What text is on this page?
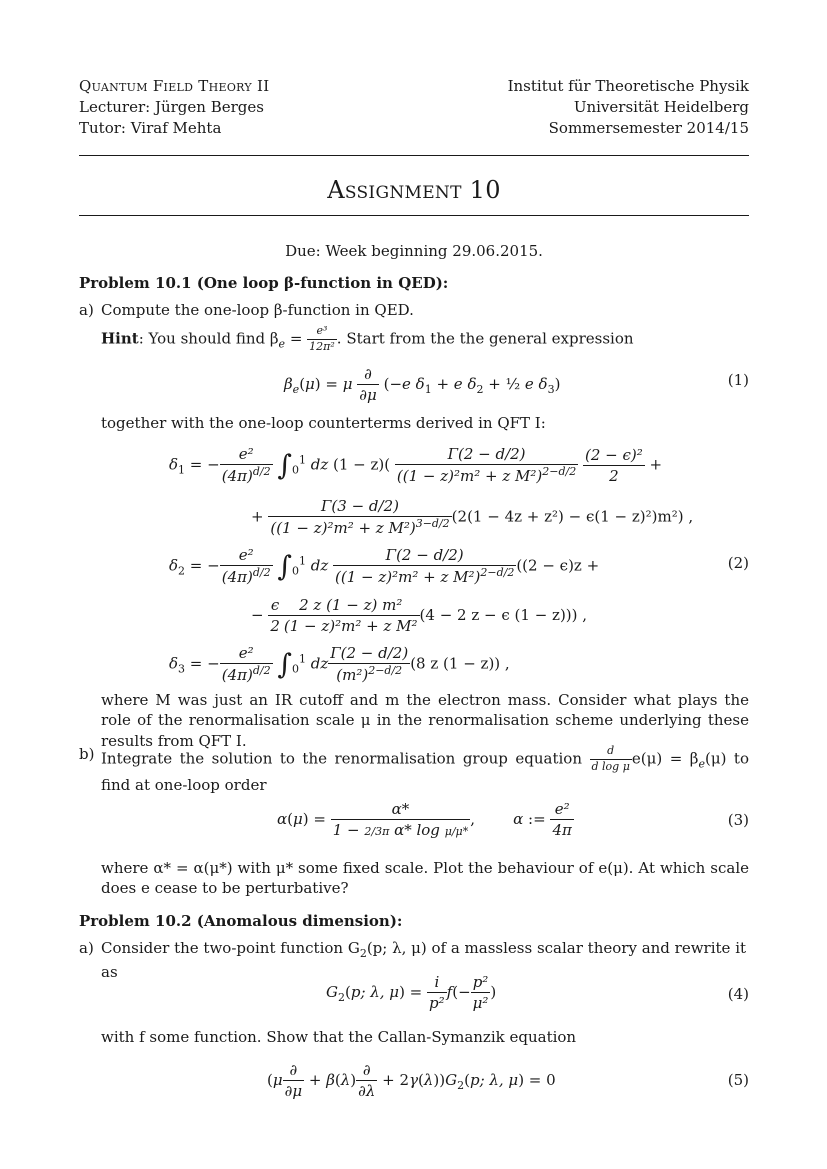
Quantum Field Theory II
Lecturer: Jürgen Berges
Tutor: Viraf Mehta
Institut für Theoretische Physik
Universität Heidelberg
Sommersemester 2014/15
Assignment 10
Due: Week beginning 29.06.2015.
Problem 10.1 (One loop β-function in QED):
a) Compute the one-loop β-function in QED.
Hint: You should find $\beta_e = \frac{\text{e³}}{\text{12π²}}$ . Start from the the general expression
$\beta_e(\mu) = \mu \frac{\partial}{\partial\mu} (-e$ $\delta_1 + e$ $\delta_2$ + ½ e $\delta_3$)	(1)
together with the one-loop counterterms derived in QFT I:
$\delta_1$ = − $\frac{\text{e²}}{(4\pi)^{d/2}} \int_0^1$ dz $(1 - z)( \frac{\Gamma(2 - d/2)}{((1 - z)^2m^2 + z M^2)^{2-d/2}}$
$\frac{\text{(2 − ϵ)²}}{2}$ +
+ $\frac{\Gamma(3 - d/2)}{((1 - z)^2m^2 + z M^2)^{3-d/2}} (2(1 - 4z + z^2) - \epsilon(1 - z)^2)m^2$) ,
$\delta_2$ = − $\frac{\text{e²}}{(4\pi)^{d/2}} \int_0^1$ dz $\frac{\Gamma(2 - d/2)}{((1 - z)^2m^2 + z M^2)^{2-d/2}} ((2 - \epsilon)z$ +	(2)
− $\frac{\epsilon}{2} \frac{\text{2 z (1 − z) m²}}{\text{(1 − z)²m² + z M²}} (4 - 2$ z − ϵ (1 − z))) ,
$\delta_3$ = − $\frac{\text{e²}}{(4\pi)^{d/2}} \int_0^1$ dz $\frac{\Gamma(2 - d/2)}{(m^2)^{2-d/2}} (8$ z (1 − z)) ,
where M was just an IR cutoff and m the electron mass. Consider what plays the role of the renormalisation scale μ in the renormalisation scheme underlying these results from QFT I.
b) Integrate the solution to the renormalisation group equation $\frac{d}{\text{d log μ}} e(\mu) = \beta_e(\mu)$ to find at one-loop order
$\alpha(\mu) = \frac{\alpha*}{\text{1 − 2/3π α* log μ/μ*}}$ ,        α := $\frac{\text{e²}}{4\pi}$	(3)
where α* = α(μ*) with μ* some fixed scale. Plot the behaviour of e(μ). At which scale does e cease to be perturbative?
Problem 10.2 (Anomalous dimension):
a) Consider the two-point function $G_2(p$; λ, μ) of a massless scalar theory and rewrite it as
$G_2(p$; λ, $\mu) = \frac{i}{\text{p²}} f(- \frac{\text{p²}}{\text{μ²}}$ )	(4)
with f some function. Show that the Callan-Symanzik equation
$(\mu \frac{\partial}{\partial\mu} + \beta(\lambda) \frac{\partial}{\partial\lambda} + 2\gamma(\lambda))G_2(p$; λ, μ) = 0	(5)
